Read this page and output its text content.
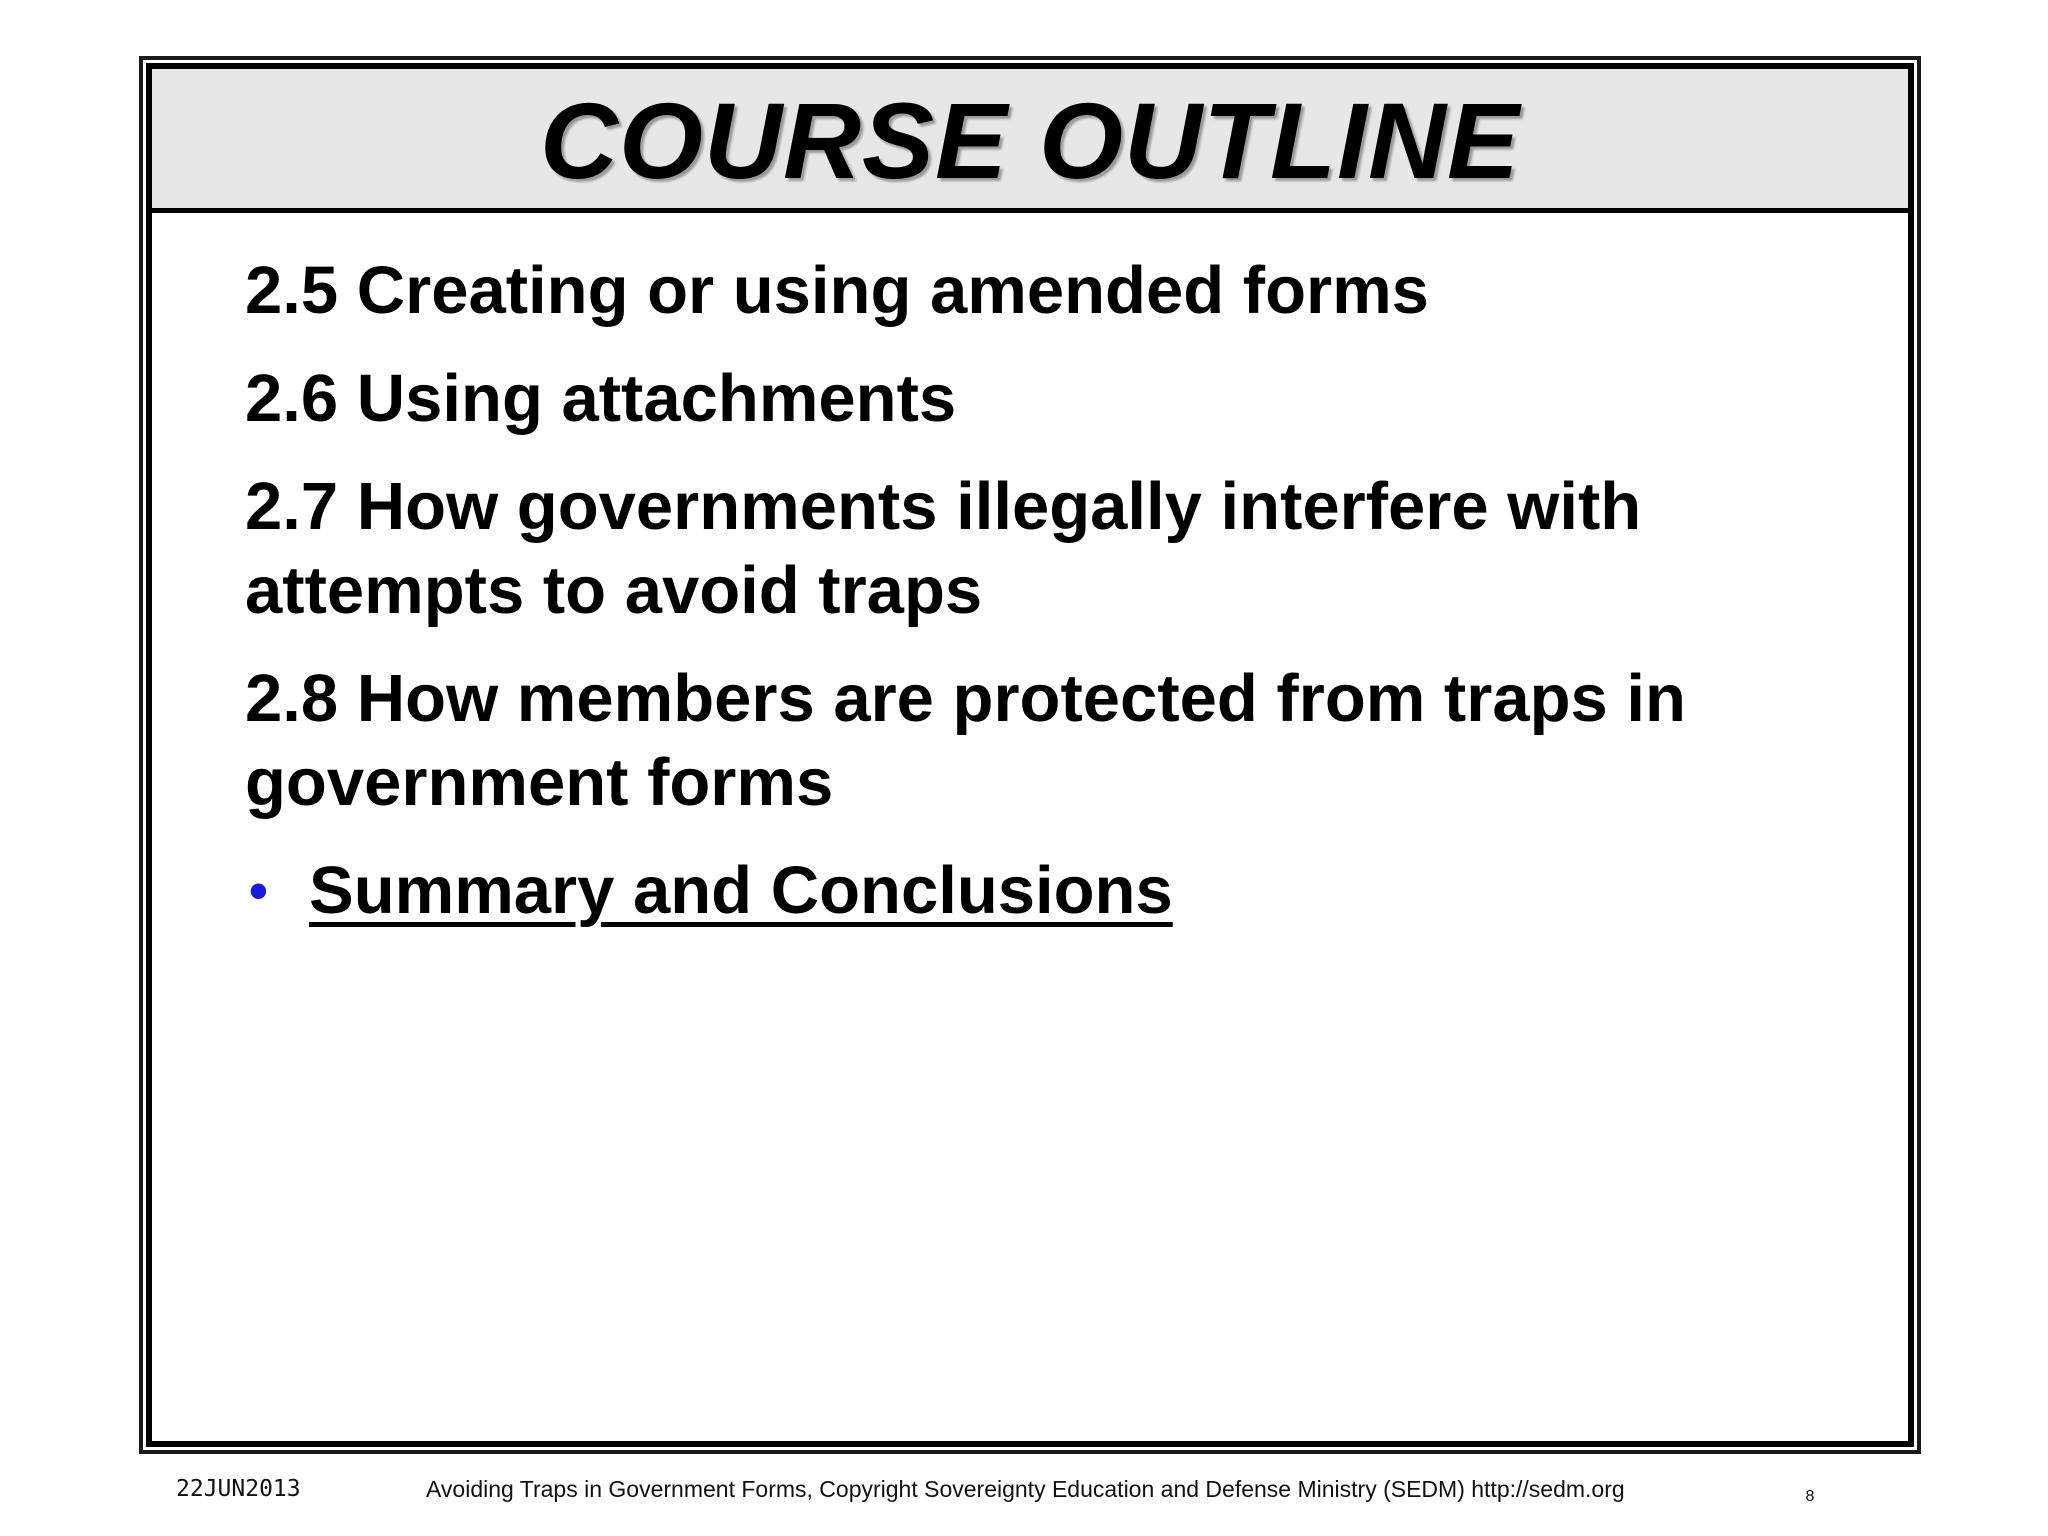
COURSE OUTLINE
2.5 Creating or using amended forms
2.6 Using attachments
2.7 How governments illegally interfere with attempts to avoid traps
2.8 How members are protected from traps in government forms
• Summary and Conclusions
22JUN2013	Avoiding Traps in Government Forms, Copyright Sovereignty Education and Defense Ministry (SEDM) http://sedm.org	8
